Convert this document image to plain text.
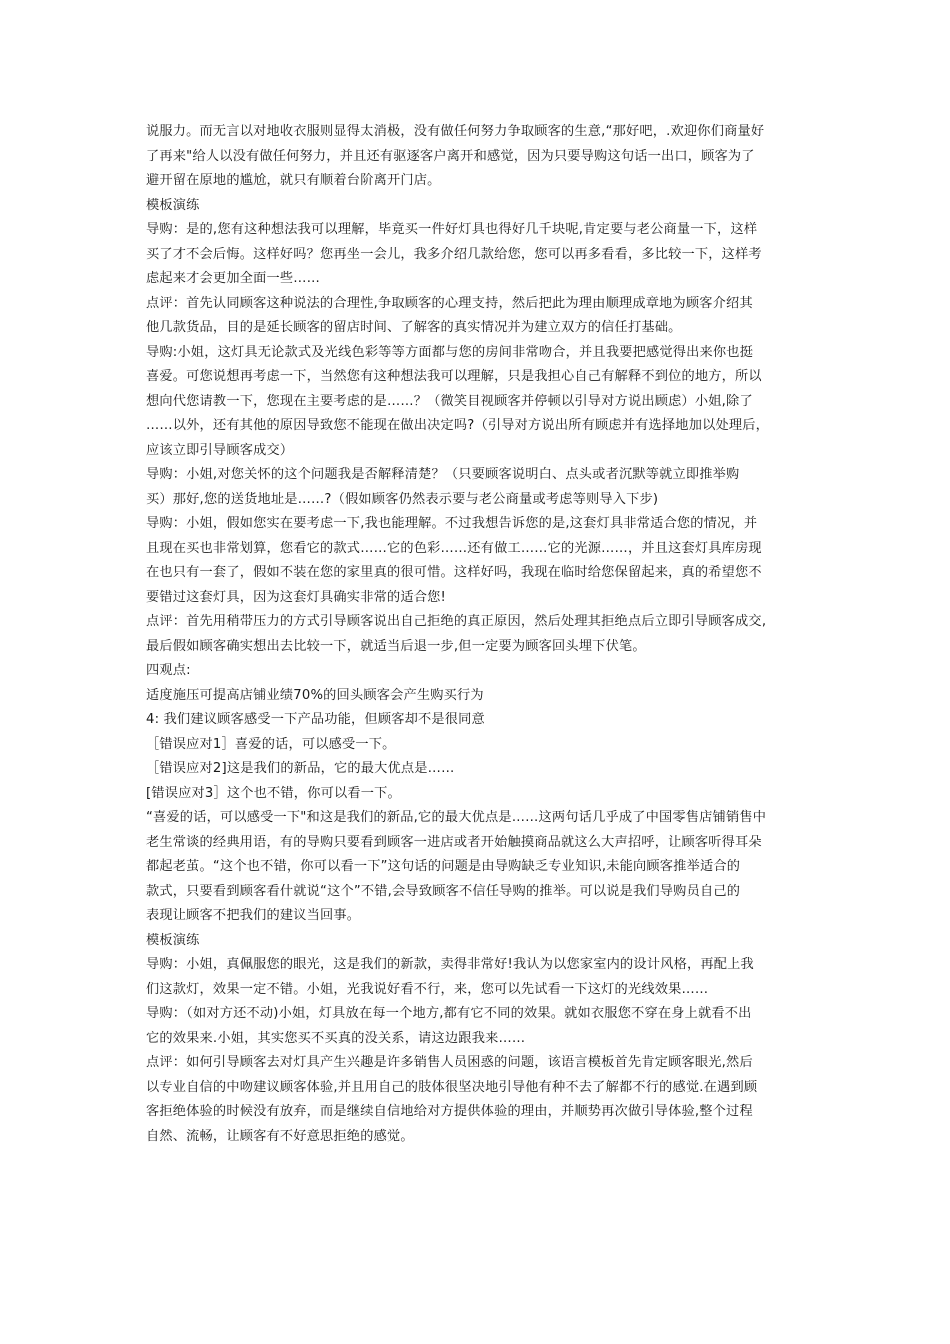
说服力。而无言以对地收衣服则显得太消极，没有做任何努力争取顾客的生意,“那好吧，.欢迎你们商量好
了再来"给人以没有做任何努力，并且还有驱逐客户离开和感觉，因为只要导购这句话一出口，顾客为了
避开留在原地的尴尬，就只有顺着台阶离开门店。
模板演练
导购：是的,您有这种想法我可以理解，毕竟买一件好灯具也得好几千块呢,肯定要与老公商量一下，这样
买了才不会后悔。这样好吗？您再坐一会儿，我多介绍几款给您，您可以再多看看，多比较一下，这样考
虑起来才会更加全面一些……
点评：首先认同顾客这种说法的合理性,争取顾客的心理支持，然后把此为理由顺理成章地为顾客介绍其
他几款货品，目的是延长顾客的留店时间、了解客的真实情况并为建立双方的信任打基础。
导购:小姐，这灯具无论款式及光线色彩等等方面都与您的房间非常吻合，并且我要把感觉得出来你也挺
喜爱。可您说想再考虑一下，当然您有这种想法我可以理解，只是我担心自己有解释不到位的地方，所以
想向代您请教一下，您现在主要考虑的是……？（微笑目视顾客并停顿以引导对方说出顾虑）小姐,除了
……以外，还有其他的原因导致您不能现在做出决定吗?（引导对方说出所有顾虑并有选择地加以处理后，
应该立即引导顾客成交）
导购：小姐,对您关怀的这个问题我是否解释清楚？（只要顾客说明白、点头或者沉默等就立即推举购
买）那好,您的送货地址是……?（假如顾客仍然表示要与老公商量或考虑等则导入下步)
导购：小姐，假如您实在要考虑一下,我也能理解。不过我想告诉您的是,这套灯具非常适合您的情况，并
且现在买也非常划算，您看它的款式……它的色彩……还有做工……它的光源……，并且这套灯具库房现
在也只有一套了，假如不装在您的家里真的很可惜。这样好吗，我现在临时给您保留起来，真的希望您不
要错过这套灯具，因为这套灯具确实非常的适合您!
点评：首先用稍带压力的方式引导顾客说出自己拒绝的真正原因，然后处理其拒绝点后立即引导顾客成交,
最后假如顾客确实想出去比较一下，就适当后退一步,但一定要为顾客回头埋下伏笔。
四观点:
适度施压可提高店铺业绩70%的回头顾客会产生购买行为
4: 我们建议顾客感受一下产品功能，但顾客却不是很同意
［错误应对1］喜爱的话，可以感受一下。
［错误应对2]这是我们的新品，它的最大优点是……
[错误应对3］这个也不错，你可以看一下。
“喜爱的话，可以感受一下"和这是我们的新品,它的最大优点是……这两句话几乎成了中国零售店铺销售中
老生常谈的经典用语，有的导购只要看到顾客一进店或者开始触摸商品就这么大声招呼，让顾客听得耳朵
都起老茧。“这个也不错，你可以看一下”这句话的问题是由导购缺乏专业知识,未能向顾客推举适合的
款式，只要看到顾客看什就说“这个”不错,会导致顾客不信任导购的推举。可以说是我们导购员自己的
表现让顾客不把我们的建议当回事。
模板演练
导购：小姐，真佩服您的眼光，这是我们的新款，卖得非常好!我认为以您家室内的设计风格，再配上我
们这款灯，效果一定不错。小姐，光我说好看不行，来，您可以先试看一下这灯的光线效果……
导购：（如对方还不动)小姐，灯具放在每一个地方,都有它不同的效果。就如衣服您不穿在身上就看不出
它的效果来.小姐，其实您买不买真的没关系，请这边跟我来……
点评：如何引导顾客去对灯具产生兴趣是许多销售人员困惑的问题，该语言模板首先肯定顾客眼光,然后
以专业自信的中吻建议顾客体验,并且用自己的肢体很坚决地引导他有种不去了解都不行的感觉.在遇到顾
客拒绝体验的时候没有放弃，而是继续自信地给对方提供体验的理由，并顺势再次做引导体验,整个过程
自然、流畅，让顾客有不好意思拒绝的感觉。
